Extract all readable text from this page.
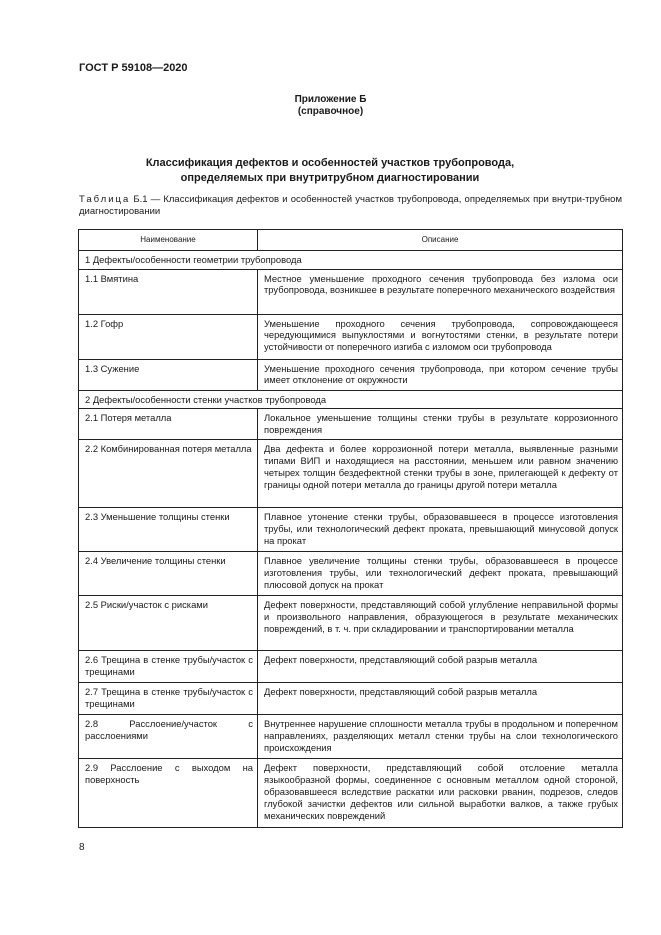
ГОСТ Р 59108—2020
Приложение Б
(справочное)
Классификация дефектов и особенностей участков трубопровода,
определяемых при внутритрубном диагностировании
Таблица Б.1 — Классификация дефектов и особенностей участков трубопровода, определяемых при внутри-трубном диагностировании
Наименование	Описание
1 Дефекты/особенности геометрии трубопровода	
1.1 Вмятина	Местное уменьшение проходного сечения трубопровода без излома оси трубопровода, возникшее в результате поперечного механического воздействия
1.2 Гофр	Уменьшение проходного сечения трубопровода, сопровождающееся чередующимися выпуклостями и вогнутостями стенки, в результате потери устойчивости от поперечного изгиба с изломом оси трубопровода
1.3 Сужение	Уменьшение проходного сечения трубопровода, при котором сечение трубы имеет отклонение от окружности
2 Дефекты/особенности стенки участков трубопровода	
2.1 Потеря металла	Локальное уменьшение толщины стенки трубы в результате коррозионного повреждения
2.2 Комбинированная потеря металла	Два дефекта и более коррозионной потери металла, выявленные разными типами ВИП и находящиеся на расстоянии, меньшем или равном значению четырех толщин бездефектной стенки трубы в зоне, прилегающей к дефекту от границы одной потери металла до границы другой потери металла
2.3 Уменьшение толщины стенки	Плавное утонение стенки трубы, образовавшееся в процессе изготовления трубы, или технологический дефект проката, превышающий минусовой допуск на прокат
2.4 Увеличение толщины стенки	Плавное увеличение толщины стенки трубы, образовавшееся в процессе изготовления трубы, или технологический дефект проката, превышающий плюсовой допуск на прокат
2.5 Риски/участок с рисками	Дефект поверхности, представляющий собой углубление неправильной формы и произвольного направления, образующегося в результате механических повреждений, в т. ч. при складировании и транспортировании металла
2.6 Трещина в стенке трубы/участок с трещинами	Дефект поверхности, представляющий собой разрыв металла
2.7 Трещина в стенке трубы/участок с трещинами	Дефект поверхности, представляющий собой разрыв металла
2.8 Расслоение/участок с расслоениями	Внутреннее нарушение сплошности металла трубы в продольном и поперечном направлениях, разделяющих металл стенки трубы на слои технологического происхождения
2.9 Расслоение с выходом на поверхность	Дефект поверхности, представляющий собой отслоение металла языкообразной формы, соединенное с основным металлом одной стороной, образовавшееся вследствие раскатки или расковки рванин, подрезов, следов глубокой зачистки дефектов или сильной выработки валков, а также грубых механических повреждений
8
